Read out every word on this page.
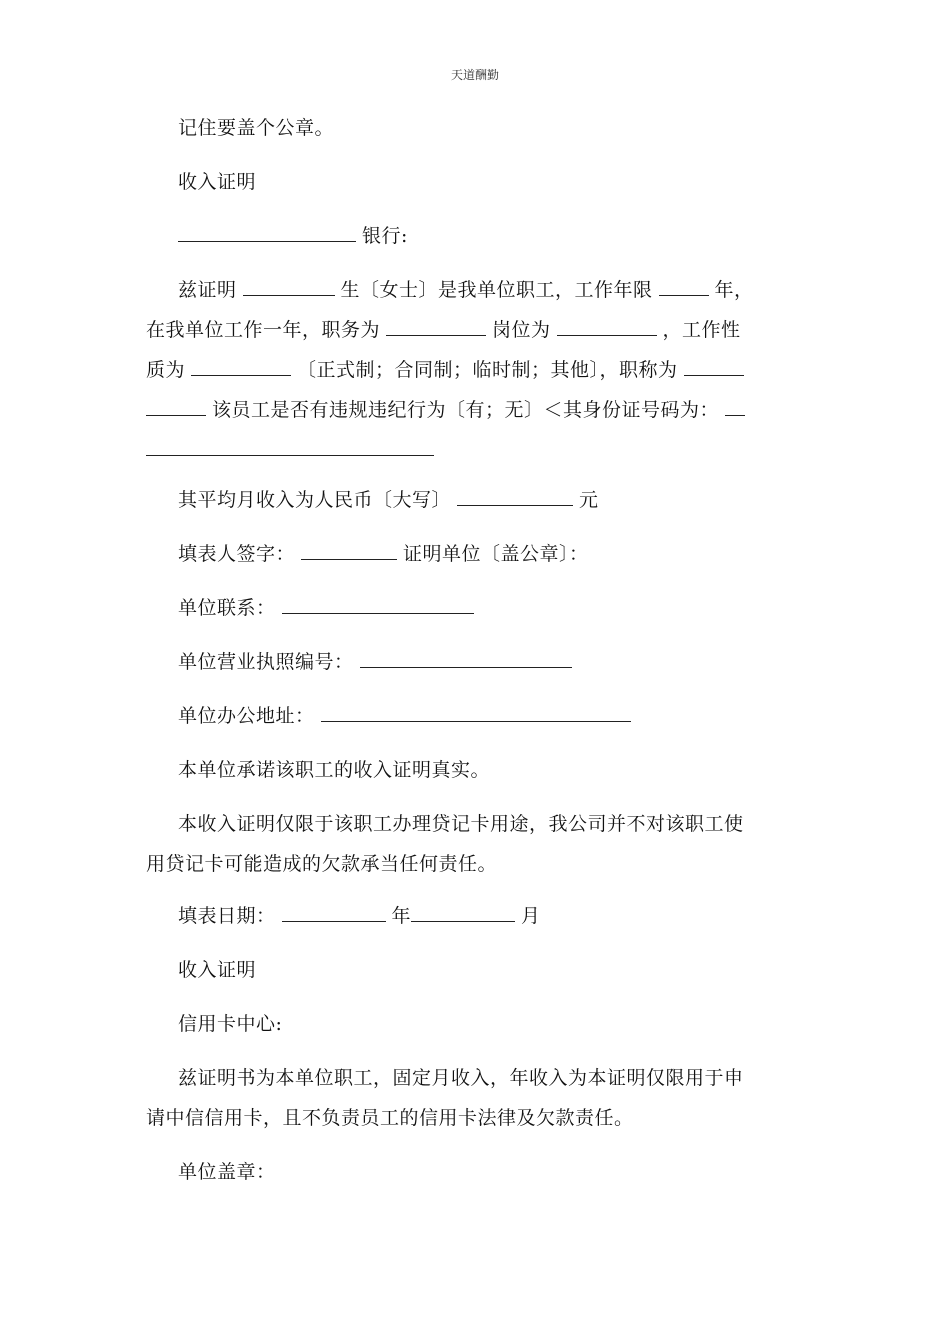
天道酬勤
记住要盖个公章。
收入证明
银行:
兹证明	生〔女士〕是我单位职工，工作年限	年，
在我单位工作一年，职务为	岗位为	，工作性
质为	〔正式制；合同制；临时制；其他〕，职称为
该员工是否有违规违纪行为〔有；无〕＜其身份证号码为：
其平均月收入为人民币〔大写〕	元
填表人签字：	证明单位〔盖公章〕：
单位联系：
单位营业执照编号：
单位办公地址：
本单位承诺该职工的收入证明真实。
本收入证明仅限于该职工办理贷记卡用途，我公司并不对该职工使
用贷记卡可能造成的欠款承当任何责任。
填表日期：	年	月
收入证明
信用卡中心:
兹证明书为本单位职工，固定月收入，年收入为本证明仅限用于申
请中信信用卡，且不负责员工的信用卡法律及欠款责任。
单位盖章：
